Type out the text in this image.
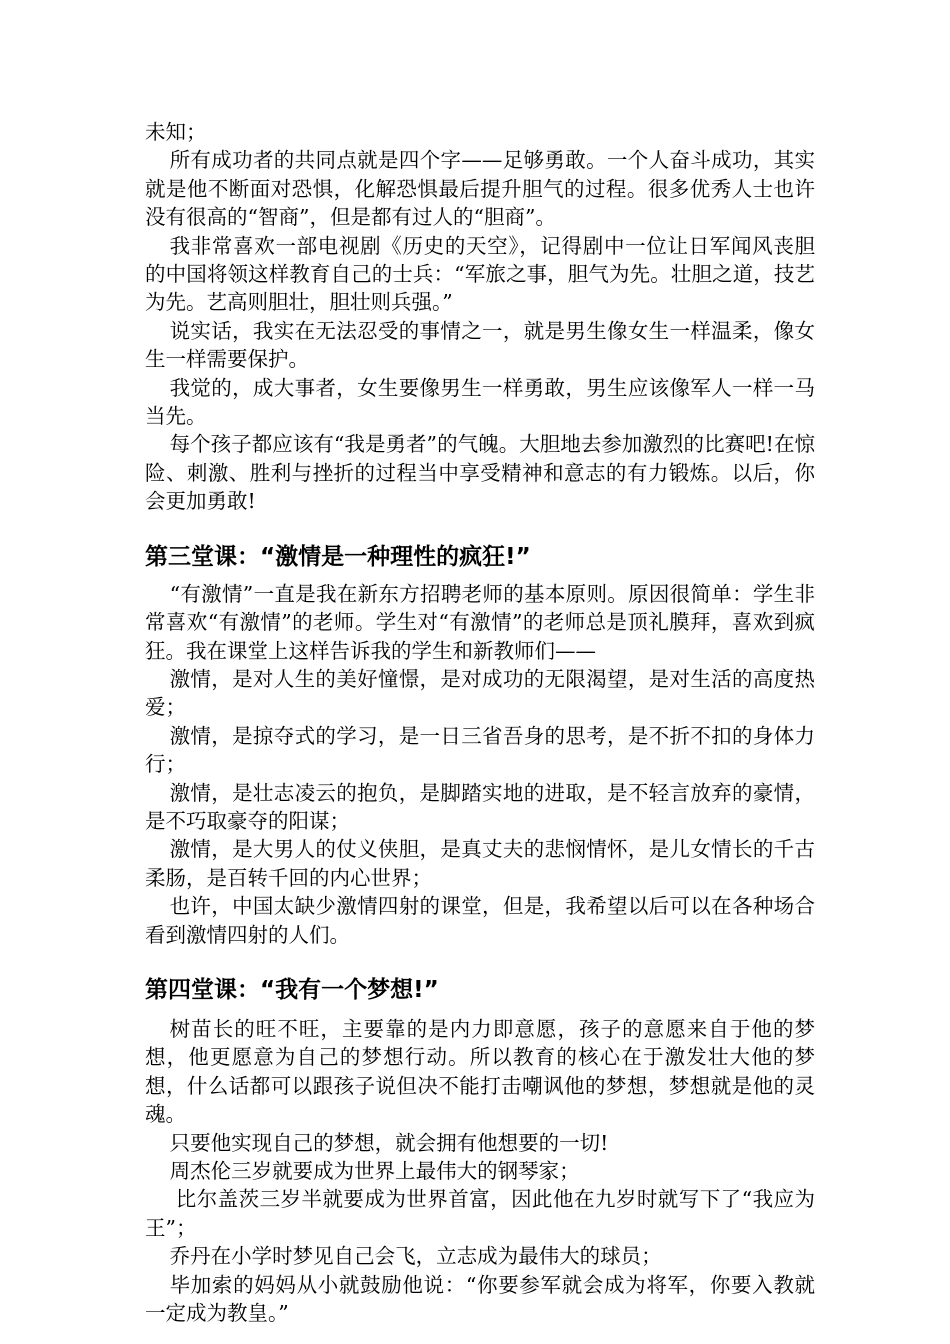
未知；

所有成功者的共同点就是四个字——足够勇敢。一个人奋斗成功，其实就是他不断面对恐惧，化解恐惧最后提升胆气的过程。很多优秀人士也许没有很高的“智商”，但是都有过人的“胆商”。

我非常喜欢一部电视剧《历史的天空》，记得剧中一位让日军闻风丧胆的中国将领这样教育自己的士兵：“军旅之事，胆气为先。壮胆之道，技艺为先。艺高则胆壮，胆壮则兵强。”

说实话，我实在无法忍受的事情之一，就是男生像女生一样温柔，像女生一样需要保护。

我觉的，成大事者，女生要像男生一样勇敢，男生应该像军人一样一马当先。

每个孩子都应该有“我是勇者”的气魄。大胆地去参加激烈的比赛吧!在惊险、刺激、胜利与挫折的过程当中享受精神和意志的有力锻炼。以后，你会更加勇敢!

第三堂课：“激情是一种理性的疯狂!”

“有激情”一直是我在新东方招聘老师的基本原则。原因很简单：学生非常喜欢“有激情”的老师。学生对“有激情”的老师总是顶礼膜拜，喜欢到疯狂。我在课堂上这样告诉我的学生和新教师们——

激情，是对人生的美好憧憬，是对成功的无限渴望，是对生活的高度热爱；

激情，是掠夺式的学习，是一日三省吾身的思考，是不折不扣的身体力行；

激情，是壮志凌云的抱负，是脚踏实地的进取，是不轻言放弃的豪情，是不巧取豪夺的阳谋；

激情，是大男人的仗义侠胆，是真丈夫的悲悯情怀，是儿女情长的千古柔肠，是百转千回的内心世界；

也许，中国太缺少激情四射的课堂，但是，我希望以后可以在各种场合看到激情四射的人们。

第四堂课：“我有一个梦想!”

树苗长的旺不旺，主要靠的是内力即意愿，孩子的意愿来自于他的梦想，他更愿意为自己的梦想行动。所以教育的核心在于激发壮大他的梦想，什么话都可以跟孩子说但决不能打击嘲讽他的梦想，梦想就是他的灵魂。

只要他实现自己的梦想，就会拥有他想要的一切!

周杰伦三岁就要成为世界上最伟大的钢琴家；

比尔盖茨三岁半就要成为世界首富，因此他在九岁时就写下了“我应为王”；

乔丹在小学时梦见自己会飞，立志成为最伟大的球员；

毕加索的妈妈从小就鼓励他说：“你要参军就会成为将军，你要入教就一定成为教皇。”
